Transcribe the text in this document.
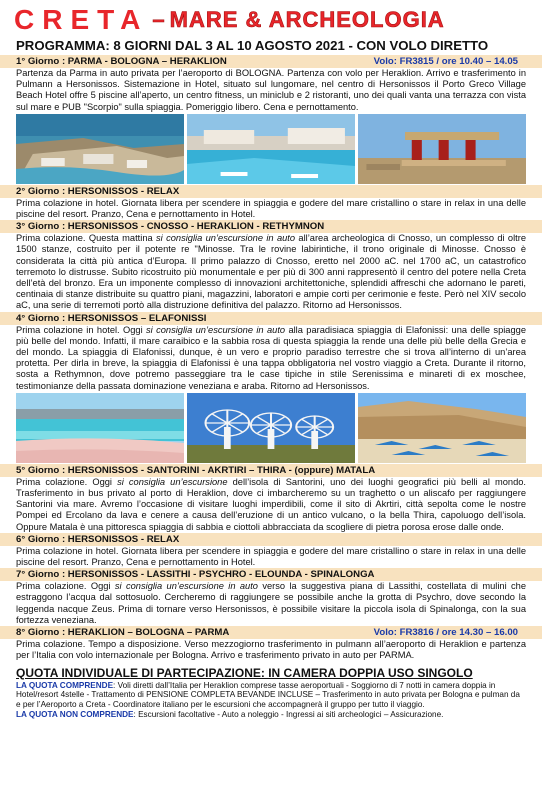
CRETA – MARE & ARCHEOLOGIA
PROGRAMMA: 8 GIORNI DAL 3 AL 10 AGOSTO 2021 - CON VOLO DIRETTO
1° Giorno : PARMA - BOLOGNA – HERAKLION	Volo: FR3815 / ore 10.40 – 14.05
Partenza da Parma in auto privata per l’aeroporto di BOLOGNA. Partenza con volo per Heraklion. Arrivo e trasferimento in Pulmann a Hersonissos. Sistemazione in Hotel, situato sul lungomare, nel centro di Hersonissos il Porto Greco Village Beach Hotel offre 5 piscine all’aperto, un centro fitness, un miniclub e 2 ristoranti, uno dei quali vanta una terrazza con vista sul mare e PUB "Scorpio" sulla spiaggia. Pomeriggio libero. Cena e pernottamento.
2° Giorno : HERSONISSOS - RELAX
Prima colazione in hotel. Giornata libera per scendere in spiaggia e godere del mare cristallino o stare in relax in una delle piscine del resort. Pranzo, Cena e pernottamento in Hotel.
3° Giorno : HERSONISSOS - CNOSSO - HERAKLION - RETHYMNON
Prima colazione. Questa mattina si consiglia un’escursione in auto all’area archeologica di Cnosso, un complesso di oltre 1500 stanze, costruito per il potente re "Minosse. Tra le rovine labirintiche, il trono originale di Minosse. Cnosso è considerata la città più antica d’Europa. Il primo palazzo di Cnosso, eretto nel 2000 aC. nel 1700 aC, un catastrofico terremoto lo distrusse. Subito ricostruito più monumentale e per più di 300 anni rappresentò il centro del potere nella Creta dell’età del bronzo. Era un imponente complesso di innovazioni architettoniche, splendidi affreschi che adornano le pareti, centinaia di stanze distribuite su quattro piani, magazzini, laboratori e ampie corti per cerimonie e feste. Però nel XIV secolo aC, una serie di terremoti portò alla distruzione definitiva del palazzo. Ritorno ad Hersonissos.
4° Giorno : HERSONISSOS – ELAFONISSI
Prima colazione in hotel. Oggi si consiglia un’escursione in auto alla paradisiaca spiaggia di Elafonissi: una delle spiagge più belle del mondo. Infatti, il mare caraibico e la sabbia rosa di questa spiaggia la rende una delle più belle della Grecia e del mondo. La spiaggia di Elafonissi, dunque, è un vero e proprio paradiso terrestre che si trova all’interno di un’area protetta. Per dirla in breve, la spiaggia di Elafonissi è una tappa obbligatoria nel vostro viaggio a Creta. Durante il ritorno, sosta a Rethymnon, dove potremo passeggiare tra le case tipiche in stile Serenissima e minareti di ex moschee, testimonianze della passata dominazione veneziana e araba. Ritorno ad Hersonissos.
5° Giorno : HERSONISSOS - SANTORINI - AKRTIRI – THIRA - (oppure) MATALA
Prima colazione. Oggi si consiglia un’escursione dell’isola di Santorini, uno dei luoghi geografici più belli al mondo. Trasferimento in bus privato al porto di Heraklion, dove ci imbarcheremo su un traghetto o un aliscafo per raggiungere Santorini via mare. Avremo l’occasione di visitare luoghi imperdibili, come il sito di Akrtiri, città sepolta come le nostre Pompei ed Ercolano da lava e cenere a causa dell’eruzione di un antico vulcano, o la bella Thira, capoluogo dell’isola. Oppure Matala è una pittoresca spiaggia di sabbia e ciottoli abbracciata da scogliere di pietra porosa erose dalle onde.
6° Giorno : HERSONISSOS - RELAX
Prima colazione in hotel. Giornata libera per scendere in spiaggia e godere del mare cristallino o stare in relax in una delle piscine del resort. Pranzo, Cena e pernottamento in Hotel.
7° Giorno : HERSONISSOS - LASSITHI - PSYCHRO - ELOUNDA - SPINALONGA
Prima colazione. Oggi si consiglia un’escursione in auto verso la suggestiva piana di Lassithi, costellata di mulini che estraggono l’acqua dal sottosuolo. Cercheremo di raggiungere se possibile anche la grotta di Psychro, dove secondo la leggenda nacque Zeus. Prima di tornare verso Hersonissos, è possibile visitare la piccola isola di Spinalonga, con la sua fortezza veneziana.
8° Giorno : HERAKLION – BOLOGNA – PARMA	Volo: FR3816 / ore 14.30 – 16.00
Prima colazione. Tempo a disposizione. Verso mezzogiorno trasferimento in pulmann all’aeroporto di Heraklion e partenza per l’Italia con volo internazionale per Bologna. Arrivo e trasferimento privato in auto per PARMA.
QUOTA INDIVIDUALE DI PARTECIPAZIONE: IN CAMERA DOPPIA USO SINGOLO
LA QUOTA COMPRENDE: Voli diretti dall’Italia per Heraklion comprese tasse aeroportuali - Soggiorno di 7 notti in camera doppia in Hotel/resort 4stelle - Trattamento di PENSIONE COMPLETA BEVANDE INCLUSE – Trasferimento in auto privata per Bologna e pulman da e per l’Aeroporto a Creta - Coordinatore italiano per le escursioni che accompagnerà il gruppo per tutto il viaggio.
LA QUOTA NON COMPRENDE: Escursioni facoltative - Auto a noleggio - Ingressi ai siti archeologici – Assicurazione.
